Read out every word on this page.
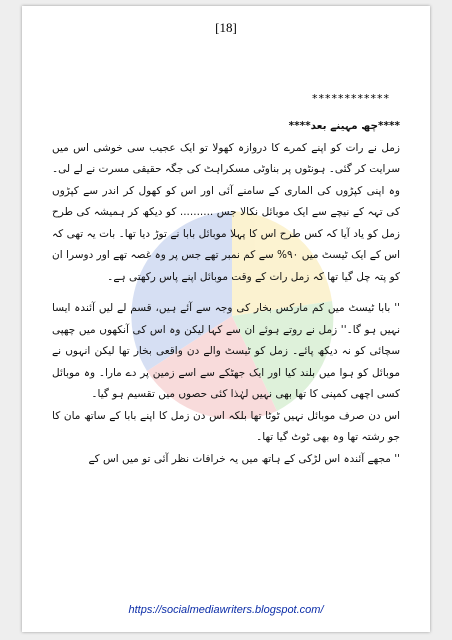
[18]
************

****چھ مہینے بعد****

زمل نے رات کو اپنے کمرے کا دروازہ کھولا تو ایک عجیب سی خوشی اس میں سرایت کر گئی۔ ہونٹوں پر بناوٹی مسکراہٹ کی جگہ حقیقی مسرت نے لے لی۔ وہ اپنی کپڑوں کی الماری کے سامنے آئی اور اس کو کھول کر اندر سے کپڑوں کی تہہ کے نیچے سے ایک موبائل نکالا جس .......... کو دیکھ کر ہمیشہ کی طرح زمل کو یاد آیا کہ کس طرح اس کا پہلا موبائل بابا نے توڑ دیا تھا۔ بات یہ تھی کہ اس کے ایک ٹیسٹ میں ۹۰% سے کم نمبر تھے جس پر وہ غصہ تھے اور دوسرا ان کو پتہ چل گیا تھا کہ زمل رات کے وقت موبائل اپنے پاس رکھتی ہے۔

'' بابا ٹیسٹ میں کم مارکس بخار کی وجہ سے آئے ہیں، قسم لے لیں آئندہ ایسا نہیں ہو گا۔'' زمل نے روتے ہوئے ان سے کہا لیکن وہ اس کی آنکھوں میں چھپی سچائی کو نہ دیکھ پائے۔ زمل کو ٹیسٹ والے دن واقعی بخار تھا لیکن انہوں نے موبائل کو ہوا میں بلند کیا اور ایک جھٹکے سے اسے زمین پر دے مارا۔ وہ موبائل کسی اچھی کمپنی کا تھا بھی نہیں لہٰذا کئی حصوں میں تقسیم ہو گیا۔

اس دن صرف موبائل نہیں ٹوٹا تھا بلکہ اس دن زمل کا اپنے بابا کے ساتھ مان کا جو رشتہ تھا وہ بھی ٹوٹ گیا تھا۔

'' مجھے آئندہ اس لڑکی کے ہاتھ میں یہ خرافات نظر آئی تو میں اس کے

https://socialmediawriters.blogspot.com/
